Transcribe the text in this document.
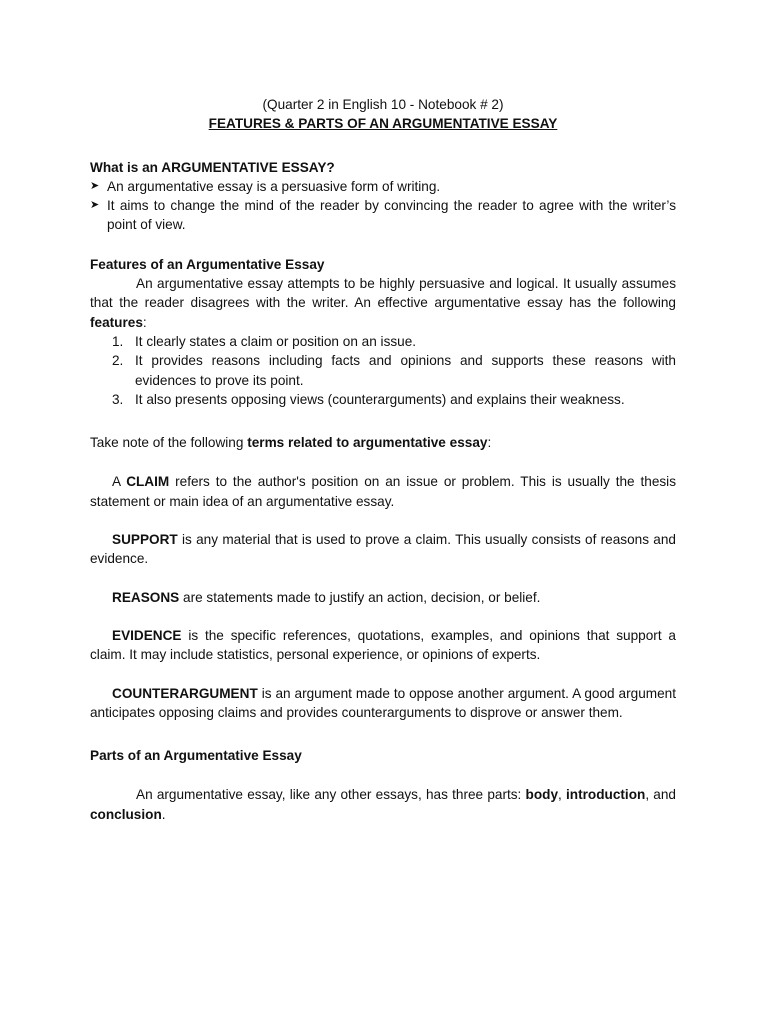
(Quarter 2 in English 10 - Notebook # 2)

FEATURES & PARTS OF AN ARGUMENTATIVE ESSAY

What is an ARGUMENTATIVE ESSAY?

➤ An argumentative essay is a persuasive form of writing.
➤ It aims to change the mind of the reader by convincing the reader to agree with the writer’s point of view.

Features of an Argumentative Essay

An argumentative essay attempts to be highly persuasive and logical. It usually assumes that the reader disagrees with the writer. An effective argumentative essay has the following features:

1. It clearly states a claim or position on an issue.
2. It provides reasons including facts and opinions and supports these reasons with evidences to prove its point.
3. It also presents opposing views (counterarguments) and explains their weakness.

Take note of the following terms related to argumentative essay:

A CLAIM refers to the author's position on an issue or problem. This is usually the thesis statement or main idea of an argumentative essay.

SUPPORT is any material that is used to prove a claim. This usually consists of reasons and evidence.

REASONS are statements made to justify an action, decision, or belief.

EVIDENCE is the specific references, quotations, examples, and opinions that support a claim. It may include statistics, personal experience, or opinions of experts.

COUNTERARGUMENT is an argument made to oppose another argument. A good argument anticipates opposing claims and provides counterarguments to disprove or answer them.

Parts of an Argumentative Essay

An argumentative essay, like any other essays, has three parts: body, introduction, and conclusion.
